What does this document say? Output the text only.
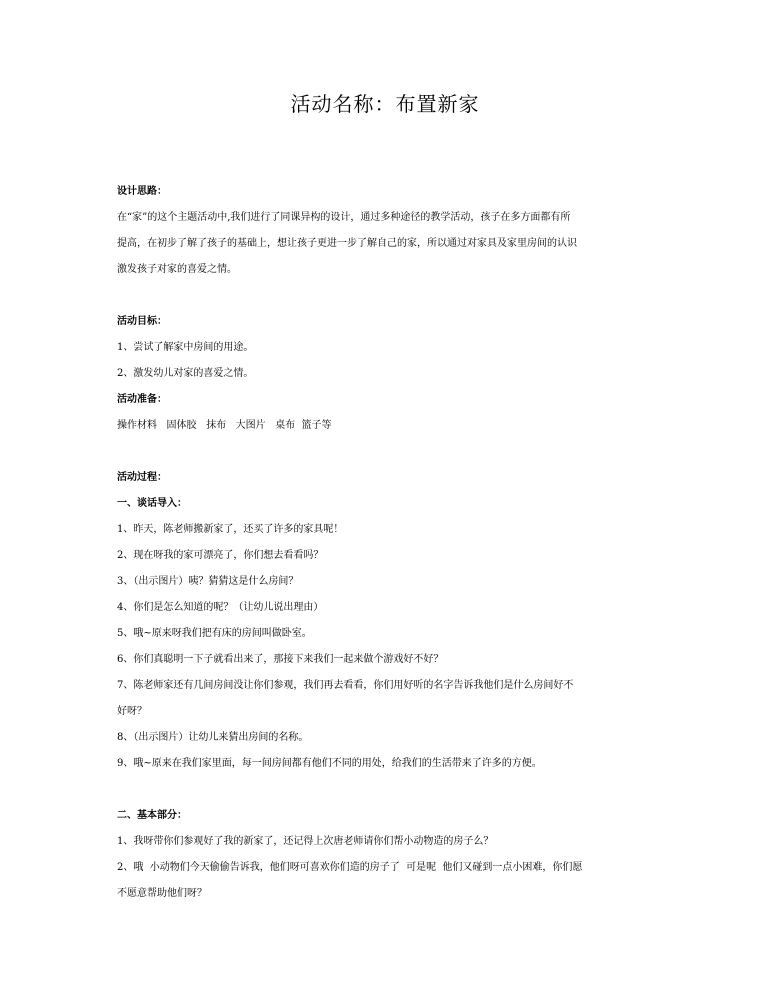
活动名称：布置新家

设计思路：

在“家”的这个主题活动中,我们进行了同课异构的设计，通过多种途径的教学活动，孩子在多方面都有所

提高，在初步了解了孩子的基础上，想让孩子更进一步了解自己的家，所以通过对家具及家里房间的认识

激发孩子对家的喜爱之情。

活动目标：

1、尝试了解家中房间的用途。

2、激发幼儿对家的喜爱之情。

活动准备：

操作材料   固体胶   抹布   大图片   桌布  篮子等

活动过程：

一、谈话导入：

1、昨天，陈老师搬新家了，还买了许多的家具呢！

2、现在呀我的家可漂亮了，你们想去看看吗？

3、（出示图片）咦？猜猜这是什么房间？

4、你们是怎么知道的呢？（让幼儿说出理由）

5、哦~原来呀我们把有床的房间叫做卧室。

6、你们真聪明一下子就看出来了，那接下来我们一起来做个游戏好不好？

7、陈老师家还有几间房间没让你们参观，我们再去看看，你们用好听的名字告诉我他们是什么房间好不

好呀？

8、（出示图片）让幼儿来猜出房间的名称。

9、哦~原来在我们家里面，每一间房间都有他们不同的用处，给我们的生活带来了许多的方便。

二、基本部分：

1、我呀带你们参观好了我的新家了，还记得上次唐老师请你们帮小动物造的房子么？

2、哦  小动物们今天偷偷告诉我，他们呀可喜欢你们造的房子了  可是呢  他们又碰到一点小困难，你们愿

不愿意帮助他们呀？
